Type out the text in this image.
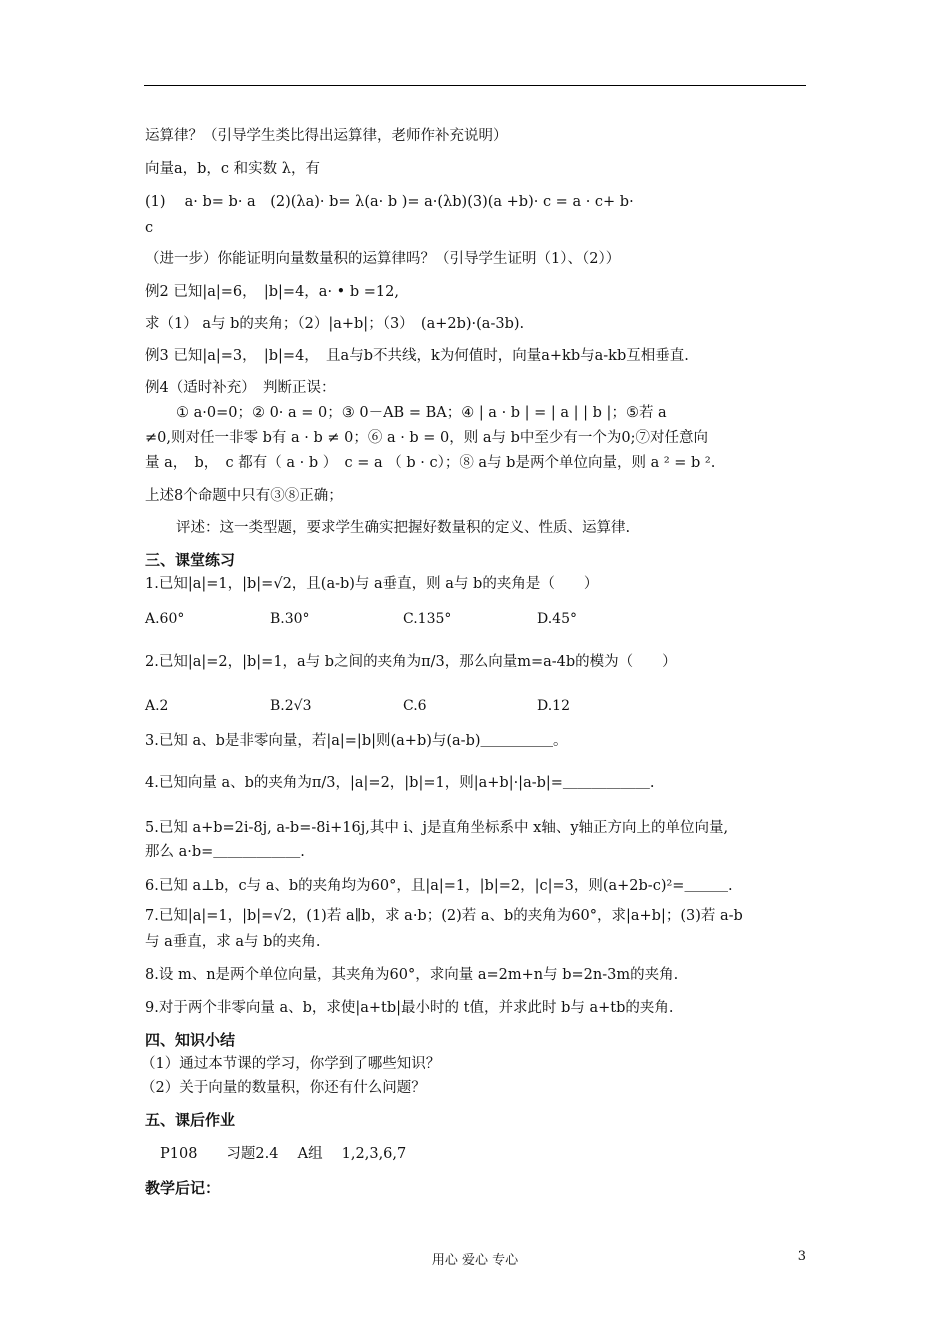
运算律？（引导学生类比得出运算律，老师作补充说明）
向量a，b，c 和实数 λ，有
(1)　 a· b= b· a　(2)(λa)· b= λ(a· b )= a·(λb)(3)(a +b)· c = a · c+ b·
c
（进一步）你能证明向量数量积的运算律吗？（引导学生证明（1）、（2））
例2 已知|a|=6，　|b|=4，a· • b =12,
求（1） a与 b的夹角；（2）|a+b|；（3）　(a+2b)·(a-3b).
例3 已知|a|=3，　|b|=4，　且a与b不共线，k为何值时，向量a+kb与a-kb互相垂直.
例4（适时补充）　判断正误：
① a·0=0；② 0· a = 0；③ 0－AB = BA；④ | a · b | = | a | | b |；⑤若 a
≠0,则对任一非零 b有 a · b ≠ 0；⑥ a · b = 0，则 a与 b中至少有一个为0;⑦对任意向
量 a，　b，　c 都有（ a · b ）　c = a （ b · c）；⑧ a与 b是两个单位向量，则 a ² = b ².
上述8个命题中只有③⑧正确；
评述：这一类型题，要求学生确实把握好数量积的定义、性质、运算律.
三、课堂练习
1.已知|a|=1，|b|=√2，且(a-b)与 a垂直，则 a与 b的夹角是（　　）
A.60°	B.30°	C.135°	D.45°
2.已知|a|=2，|b|=1，a与 b之间的夹角为π/3，那么向量m=a-4b的模为（　　）
A.2	B.2√3	C.6	D.12
3.已知 a、b是非零向量，若|a|=|b|则(a+b)与(a-b)＿＿＿＿＿。
4.已知向量 a、b的夹角为π/3，|a|=2，|b|=1，则|a+b|·|a-b|=＿＿＿＿＿＿.
5.已知 a+b=2i-8j, a-b=-8i+16j,其中 i、j是直角坐标系中 x轴、y轴正方向上的单位向量,
那么 a·b=＿＿＿＿＿＿.
6.已知 a⊥b，c与 a、b的夹角均为60°，且|a|=1，|b|=2，|c|=3，则(a+2b-c)²=＿＿＿.
7.已知|a|=1，|b|=√2，(1)若 a∥b，求 a·b；(2)若 a、b的夹角为60°，求|a+b|；(3)若 a-b
与 a垂直，求 a与 b的夹角.
8.设 m、n是两个单位向量，其夹角为60°，求向量 a=2m+n与 b=2n-3m的夹角.
9.对于两个非零向量 a、b，求使|a+tb|最小时的 t值，并求此时 b与 a+tb的夹角.
四、知识小结
（1）通过本节课的学习，你学到了哪些知识？
（2）关于向量的数量积，你还有什么问题？
五、课后作业
P108　　习题2.4　 A组　 1,2,3,6,7
教学后记：
用心 爱心 专心	3
